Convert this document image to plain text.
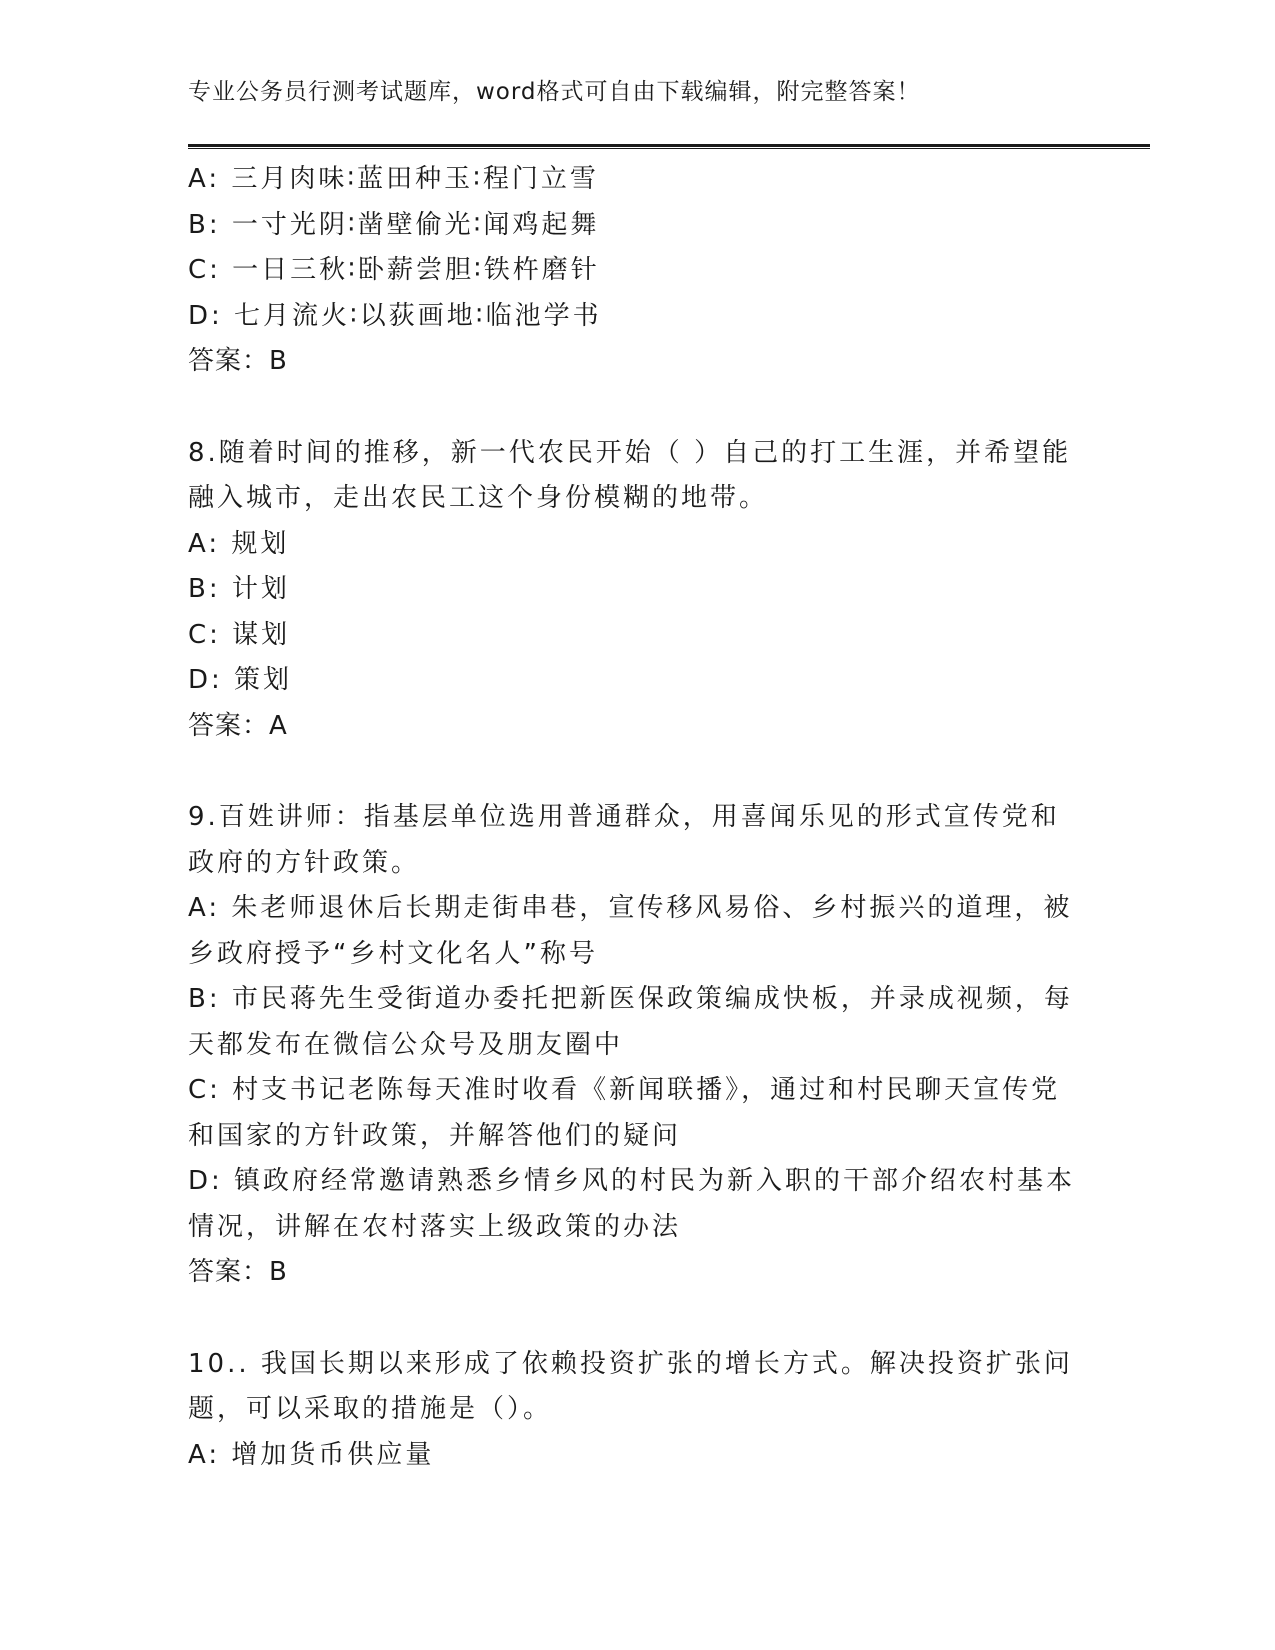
专业公务员行测考试题库，word格式可自由下载编辑，附完整答案！
A: 三月肉味∶蓝田种玉∶程门立雪
B: 一寸光阴∶凿壁偷光∶闻鸡起舞
C: 一日三秋∶卧薪尝胆∶铁杵磨针
D: 七月流火∶以荻画地∶临池学书
答案：B
8.随着时间的推移，新一代农民开始（ ）自己的打工生涯，并希望能
融入城市，走出农民工这个身份模糊的地带。
A: 规划
B: 计划
C: 谋划
D: 策划
答案：A
9.百姓讲师：指基层单位选用普通群众，用喜闻乐见的形式宣传党和
政府的方针政策。
A: 朱老师退休后长期走街串巷，宣传移风易俗、乡村振兴的道理，被
乡政府授予“乡村文化名人”称号
B: 市民蒋先生受街道办委托把新医保政策编成快板，并录成视频，每
天都发布在微信公众号及朋友圈中
C: 村支书记老陈每天准时收看《新闻联播》，通过和村民聊天宣传党
和国家的方针政策，并解答他们的疑问
D: 镇政府经常邀请熟悉乡情乡风的村民为新入职的干部介绍农村基本
情况，讲解在农村落实上级政策的办法
答案：B
10.. 我国长期以来形成了依赖投资扩张的增长方式。解决投资扩张问
题，可以采取的措施是（）。
A: 增加货币供应量
